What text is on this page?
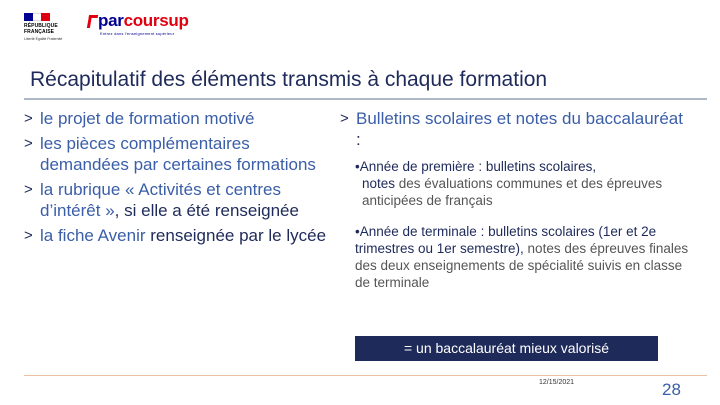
RÉPUBLIQUE
FRANÇAISE
Liberté Égalité Fraternité
parcoursup
Entrez dans l'enseignement supérieur
Récapitulatif des éléments transmis à chaque formation
> le projet de formation motivé
> les pièces complémentaires demandées par certaines formations
> la rubrique « Activités et centres d’intérêt », si elle a été renseignée
> la fiche Avenir renseignée par le lycée
> Bulletins scolaires et notes du baccalauréat :
•Année de première : bulletins scolaires,
notes des évaluations communes et des épreuves anticipées de français
•Année de terminale : bulletins scolaires (1er et 2e trimestres ou 1er semestre), notes des épreuves finales des deux enseignements de spécialité suivis en classe de terminale
= un baccalauréat mieux valorisé
12/15/2021	28
